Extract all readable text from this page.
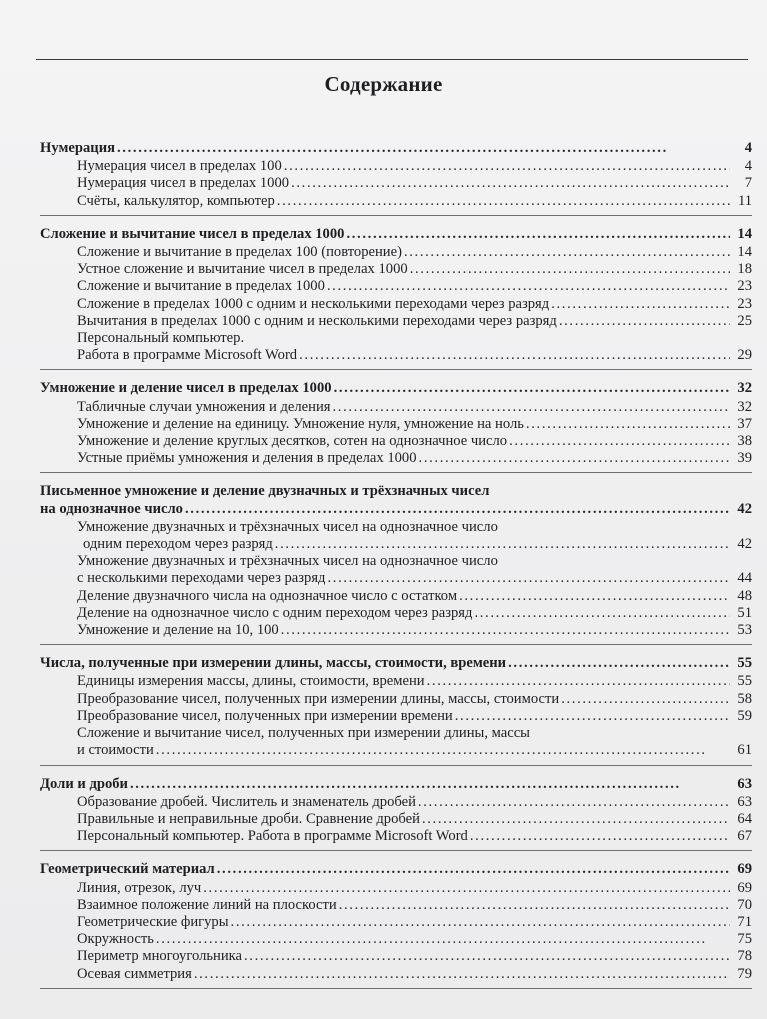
Содержание
Нумерация . . .	4
Нумерация чисел в пределах 100 . . .	4
Нумерация чисел в пределах 1000 . . .	7
Счёты, калькулятор, компьютер . . .	11
Сложение и вычитание чисел в пределах 1000 . . .	14
Сложение и вычитание в пределах 100 (повторение) . . .	14
Устное сложение и вычитание чисел в пределах 1000 . . .	18
Сложение и вычитание в пределах 1000 . . .	23
Сложение в пределах 1000 с одним и несколькими переходами через разряд . . .	23
Вычитания в пределах 1000 с одним и несколькими переходами через разряд . . .	25
Персональный компьютер.
Работа в программе Microsoft Word . . .	29
Умножение и деление чисел в пределах 1000 . . .	32
Табличные случаи умножения и деления . . .	32
Умножение и деление на единицу. Умножение нуля, умножение на ноль . . .	37
Умножение и деление круглых десятков, сотен на однозначное число . . .	38
Устные приёмы умножения и деления в пределах 1000 . . .	39
Письменное умножение и деление двузначных и трёхзначных чисел
на однозначное число . . .	42
Умножение двузначных и трёхзначных чисел на однозначное число
одним переходом через разряд . . .	42
Умножение двузначных и трёхзначных чисел на однозначное число
с несколькими переходами через разряд . . .	44
Деление двузначного числа на однозначное число с остатком . . .	48
Деление на однозначное число с одним переходом через разряд . . .	51
Умножение и деление на 10, 100 . . .	53
Числа, полученные при измерении длины, массы, стоимости, времени . . .	55
Единицы измерения массы, длины, стоимости, времени . . .	55
Преобразование чисел, полученных при измерении длины, массы, стоимости . . .	58
Преобразование чисел, полученных при измерении времени . . .	59
Сложение и вычитание чисел, полученных при измерении длины, массы
и стоимости . . .	61
Доли и дроби . . .	63
Образование дробей. Числитель и знаменатель дробей . . .	63
Правильные и неправильные дроби. Сравнение дробей . . .	64
Персональный компьютер. Работа в программе Microsoft Word . . .	67
Геометрический материал . . .	69
Линия, отрезок, луч . . .	69
Взаимное положение линий на плоскости . . .	70
Геометрические фигуры . . .	71
Окружность . . .	75
Периметр многоугольника . . .	78
Осевая симметрия . . .	79
